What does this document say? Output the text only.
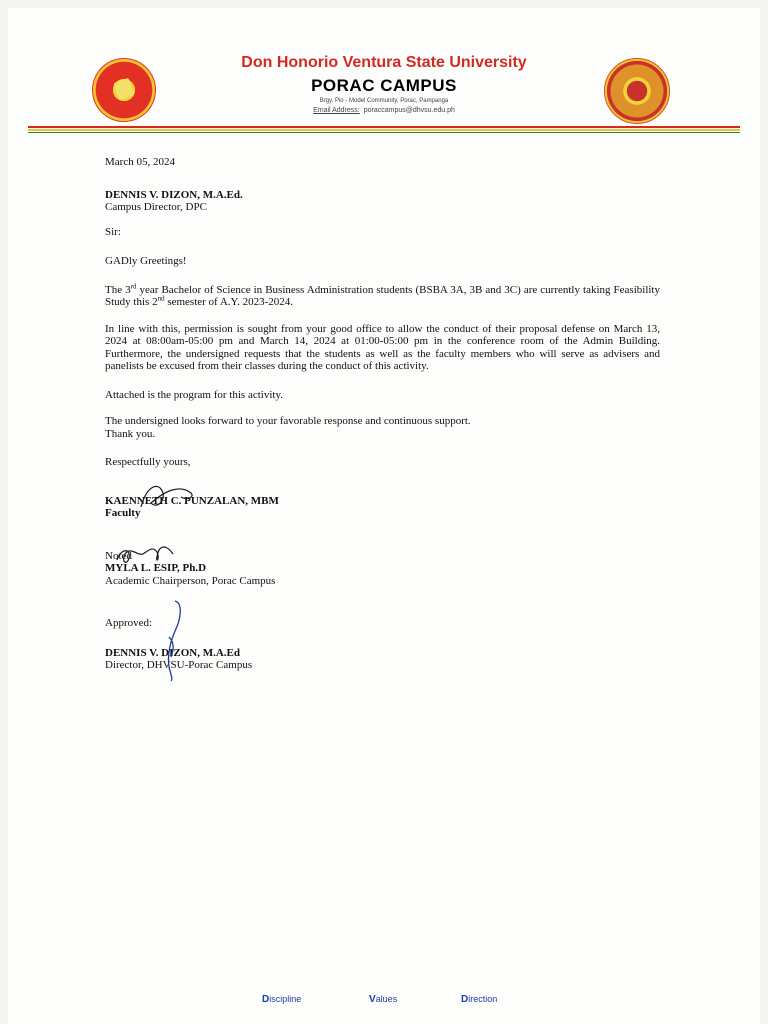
Don Honorio Ventura State University
PORAC CAMPUS
Brgy. Pio - Model Community, Porac, Pampanga
Email Address: poraccampus@dhvsu.edu.ph

March 05, 2024

DENNIS V. DIZON, M.A.Ed.

Campus Director, DPC

Sir:

GADly Greetings!

The 3rd year Bachelor of Science in Business Administration students (BSBA 3A, 3B and 3C) are currently taking Feasibility Study this 2nd semester of A.Y. 2023-2024.

In line with this, permission is sought from your good office to allow the conduct of their proposal defense on March 13, 2024 at 08:00am-05:00 pm and March 14, 2024 at 01:00-05:00 pm in the conference room of the Admin Building. Furthermore, the undersigned requests that the students as well as the faculty members who will serve as advisers and panelists be excused from their classes during the conduct of this activity.

Attached is the program for this activity.

The undersigned looks forward to your favorable response and continuous support.

Thank you.

Respectfully yours,

KAENNETH C. PUNZALAN, MBM

Faculty

Noted

MYLA L. ESIP, Ph.D

Academic Chairperson, Porac Campus

Approved:

DENNIS V. DIZON, M.A.Ed

Director, DHVSU-Porac Campus

Discipline	Values	Direction
